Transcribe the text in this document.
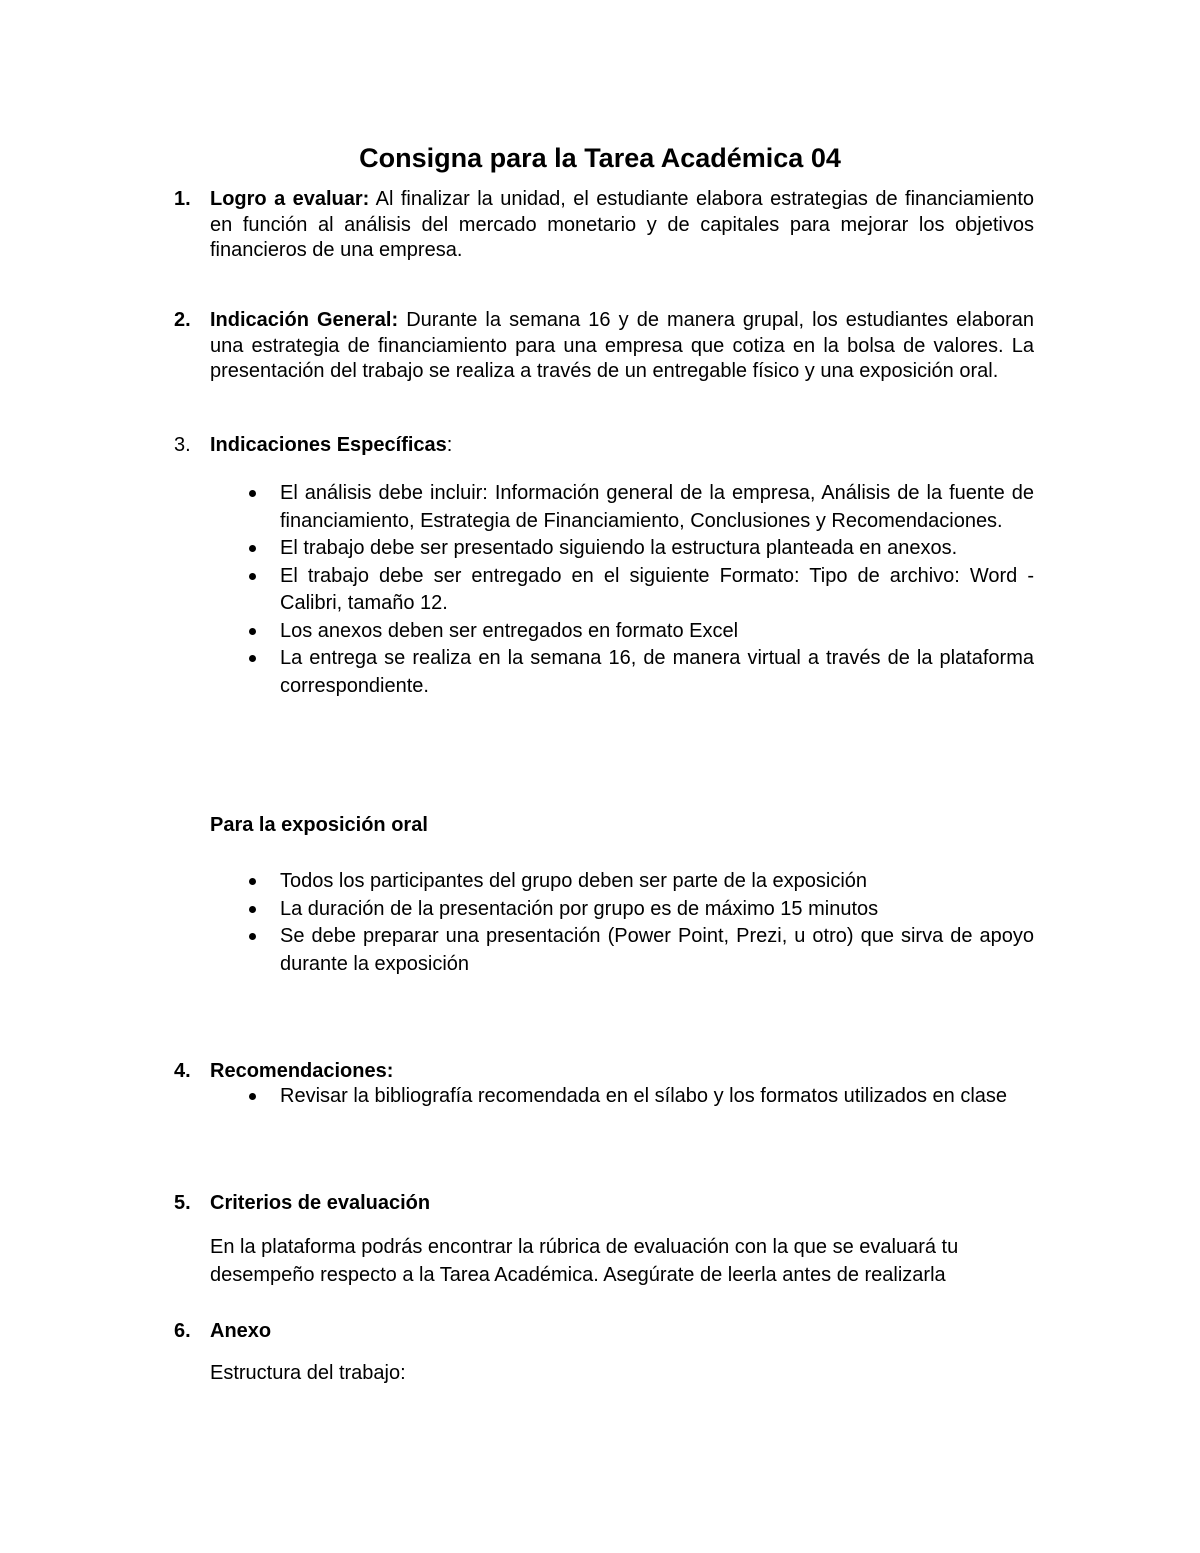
Consigna para la Tarea Académica 04
1. Logro a evaluar: Al finalizar la unidad, el estudiante elabora estrategias de financiamiento en función al análisis del mercado monetario y de capitales para mejorar los objetivos financieros de una empresa.
2. Indicación General: Durante la semana 16 y de manera grupal, los estudiantes elaboran una estrategia de financiamiento para una empresa que cotiza en la bolsa de valores. La presentación del trabajo se realiza a través de un entregable físico y una exposición oral.
3. Indicaciones Específicas:
El análisis debe incluir: Información general de la empresa, Análisis de la fuente de financiamiento, Estrategia de Financiamiento, Conclusiones y Recomendaciones.
El trabajo debe ser presentado siguiendo la estructura planteada en anexos.
El trabajo debe ser entregado en el siguiente Formato: Tipo de archivo: Word - Calibri, tamaño 12.
Los anexos deben ser entregados en formato Excel
La entrega se realiza en la semana 16, de manera virtual a través de la plataforma correspondiente.
Para la exposición oral
Todos los participantes del grupo deben ser parte de la exposición
La duración de la presentación por grupo es de máximo 15 minutos
Se debe preparar una presentación (Power Point, Prezi, u otro) que sirva de apoyo durante la exposición
4. Recomendaciones:
Revisar la bibliografía recomendada en el sílabo y los formatos utilizados en clase
5. Criterios de evaluación
En la plataforma podrás encontrar la rúbrica de evaluación con la que se evaluará tu desempeño respecto a la Tarea Académica. Asegúrate de leerla antes de realizarla
6. Anexo
Estructura del trabajo:
